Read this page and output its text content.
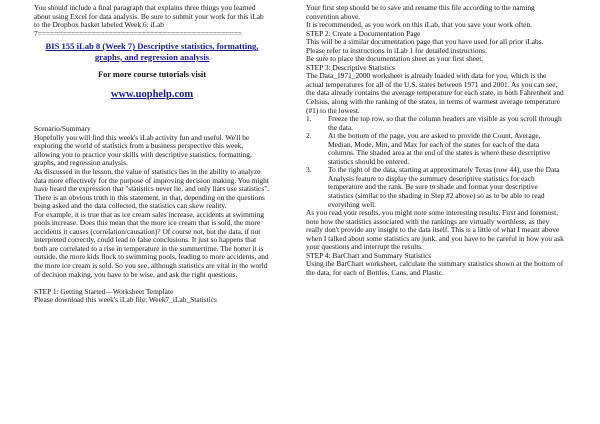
You should include a final paragraph that explains three things you learned about using Excel for data analysis. Be sure to submit your work for this iLab to the Dropbox basket labeled Week 6: iLab 7=================================================

BIS 155 iLab 8 (Week 7) Descriptive statistics, formatting, graphs, and regression analysis

For more course tutorials visit

www.uophelp.com

Scenario/Summary

Hopefully you will find this week's iLab activity fun and useful. We'll be exploring the world of statistics from a business perspective this week, allowing you to practice your skills with descriptive statistics, formatting, graphs, and regression analysis.

As discussed in the lesson, the value of statistics lies in the ability to analyze data more effectively for the purpose of improving decision making. You might have heard the expression that "statistics never lie, and only liars use statistics". There is an obvious truth in this statement, in that, depending on the questions being asked and the data collected, the statistics can skew reality.

For example, it is true that as ice cream sales increase, accidents at swimming pools increase. Does this mean that the more ice cream that is sold, the more accidents it causes (correlation/causation)? Of course not, but the data, if not interpreted correctly, could lead to false conclusions. It just so happens that both are correlated to a rise in temperature in the summertime. The hotter it is outside, the more kids flock to swimming pools, leading to more accidents, and the more ice cream is sold. So you see, although statistics are vital in the world of decision making, you have to be wise, and ask the right questions.

STEP 1: Getting Started—Worksheet Template

Please download this week's iLab file: Week7_iLab_Statistics

Your first step should be to save and rename this file according to the naming convention above.

It is recommended, as you work on this iLab, that you save your work often.

STEP 2: Create a Documentation Page

This will be a similar documentation page that you have used for all prior iLabs. Please refer to instructions in iLab 1 for detailed instructions.

Be sure to place the documentation sheet as your first sheet.

STEP 3: Descriptive Statistics

The Data_1971_2000 worksheet is already loaded with data for you, which is the actual temperatures for all of the U.S. states between 1971 and 2001. As you can see, the data already contains the average temperature for each state, in both Fahrenheit and Celsius, along with the ranking of the states, in terms of warmest average temperature (#1) to the lowest.

1.	Freeze the top row, so that the column headers are visible as you scroll through the data.
2.	At the bottom of the page, you are asked to provide the Count, Average, Median, Mode, Min, and Max for each of the states for each of the data columns. The shaded area at the end of the states is where these descriptive statistics should be entered.
3.	To the right of the data, starting at approximately Texas (row 44), use the Data Analysis feature to display the summary descriptive statistics for each temperature and the rank. Be sure to shade and format your descriptive statistics (similar to the shading in Step #2 above) so as to be able to read everything well.

As you read your results, you might note some interesting results. First and foremost, note how the statistics associated with the rankings are virtually worthless, as they really don't provide any insight to the data itself. This is a little of what I meant above when I talked about some statistics are junk, and you have to be careful in how you ask your questions and interrupt the results.

STEP 4: BarChart and Summary Statistics

Using the BarChart worksheet, calculate the summary statistics shown at the bottom of the data, for each of Bottles, Cans, and Plastic.
